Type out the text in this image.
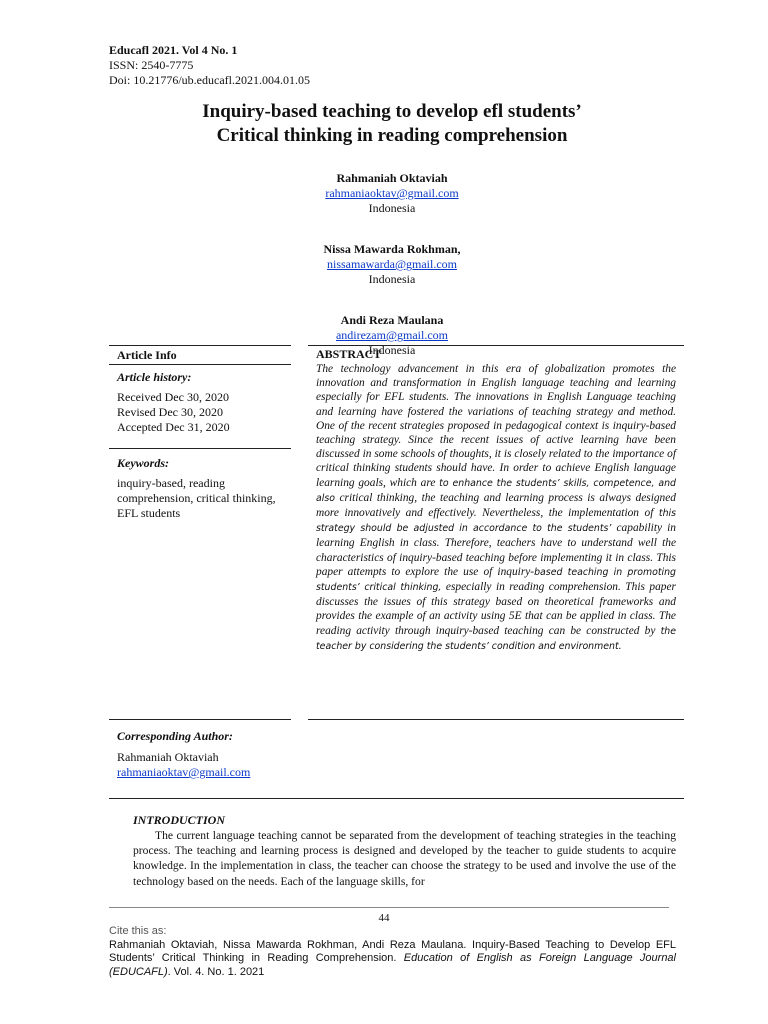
Educafl 2021. Vol 4 No. 1
ISSN: 2540-7775
Doi: 10.21776/ub.educafl.2021.004.01.05
Inquiry-based teaching to develop efl students’
Critical thinking in reading comprehension
Rahmaniah Oktaviah
rahmaniaoktav@gmail.com
Indonesia
Nissa Mawarda Rokhman,
nissamawarda@gmail.com
Indonesia
Andi Reza Maulana
andirezam@gmail.com
Indonesia
Article Info
Article history:
Received Dec 30, 2020
Revised Dec 30, 2020
Accepted Dec 31, 2020
Keywords:
inquiry-based, reading comprehension, critical thinking, EFL students
ABSTRACT
The technology advancement in this era of globalization promotes the innovation and transformation in English language teaching and learning especially for EFL students. The innovations in English Language teaching and learning have fostered the variations of teaching strategy and method. One of the recent strategies proposed in pedagogical context is inquiry-based teaching strategy. Since the recent issues of active learning have been discussed in some schools of thoughts, it is closely related to the importance of critical thinking students should have. In order to achieve English language learning goals, which are to enhance the students’ skills, competence, and also critical thinking, the teaching and learning process is always designed more innovatively and effectively. Nevertheless, the implementation of this strategy should be adjusted in accordance to the students’ capability in learning English in class. Therefore, teachers have to understand well the characteristics of inquiry-based teaching before implementing it in class. This paper attempts to explore the use of inquiry-based teaching in promoting students’ critical thinking, especially in reading comprehension. This paper discusses the issues of this strategy based on theoretical frameworks and provides the example of an activity using 5E that can be applied in class. The reading activity through inquiry-based teaching can be constructed by the teacher by considering the students’ condition and environment.
Corresponding Author:
Rahmaniah Oktaviah
rahmaniaoktav@gmail.com
INTRODUCTION

The current language teaching cannot be separated from the development of teaching strategies in the teaching process. The teaching and learning process is designed and developed by the teacher to guide students to acquire knowledge. In the implementation in class, the teacher can choose the strategy to be used and involve the use of the technology based on the needs. Each of the language skills, for

44
Cite this as:
Rahmaniah Oktaviah, Nissa Mawarda Rokhman, Andi Reza Maulana. Inquiry-Based Teaching to Develop EFL Students’ Critical Thinking in Reading Comprehension. Education of English as Foreign Language Journal (EDUCAFL). Vol. 4. No. 1. 2021
